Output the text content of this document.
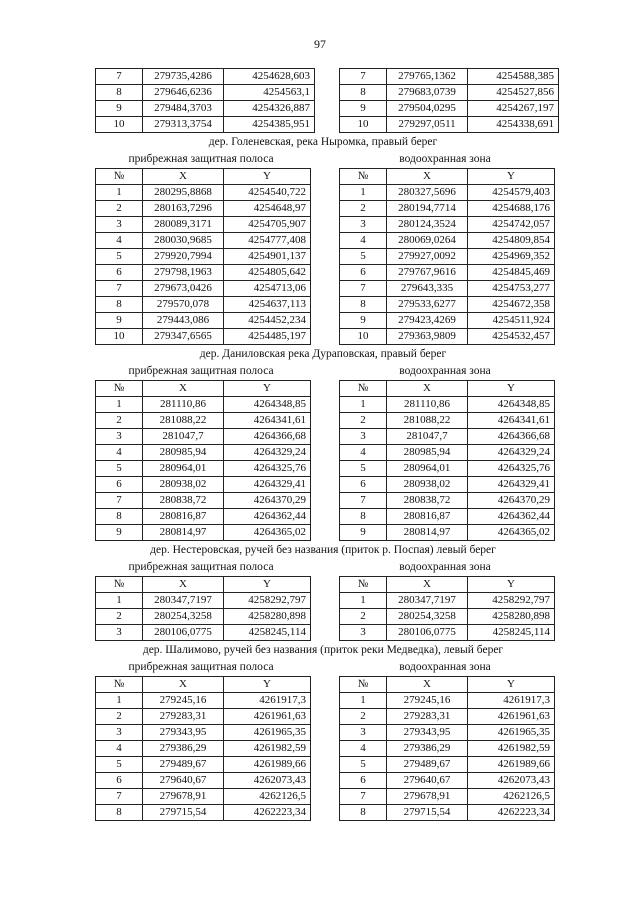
97
7	279735,4286	4254628,603
8	279646,6236	4254563,1
9	279484,3703	4254326,887
10	279313,3754	4254385,951
7	279765,1362	4254588,385
8	279683,0739	4254527,856
9	279504,0295	4254267,197
10	279297,0511	4254338,691
дер. Голеневская, река Ныромка, правый берег
прибрежная защитная полоса
№	X	Y
1	280295,8868	4254540,722
2	280163,7296	4254648,97
3	280089,3171	4254705,907
4	280030,9685	4254777,408
5	279920,7994	4254901,137
6	279798,1963	4254805,642
7	279673,0426	4254713,06
8	279570,078	4254637,113
9	279443,086	4254452,234
10	279347,6565	4254485,197
водоохранная зона
№	X	Y
1	280327,5696	4254579,403
2	280194,7714	4254688,176
3	280124,3524	4254742,057
4	280069,0264	4254809,854
5	279927,0092	4254969,352
6	279767,9616	4254845,469
7	279643,335	4254753,277
8	279533,6277	4254672,358
9	279423,4269	4254511,924
10	279363,9809	4254532,457
дер. Даниловская река Дураповская, правый берег
прибрежная защитная полоса
№	X	Y
1	281110,86	4264348,85
2	281088,22	4264341,61
3	281047,7	4264366,68
4	280985,94	4264329,24
5	280964,01	4264325,76
6	280938,02	4264329,41
7	280838,72	4264370,29
8	280816,87	4264362,44
9	280814,97	4264365,02
водоохранная зона
№	X	Y
1	281110,86	4264348,85
2	281088,22	4264341,61
3	281047,7	4264366,68
4	280985,94	4264329,24
5	280964,01	4264325,76
6	280938,02	4264329,41
7	280838,72	4264370,29
8	280816,87	4264362,44
9	280814,97	4264365,02
дер. Нестеровская, ручей без названия (приток р. Поспая) левый берег
прибрежная защитная полоса
№	X	Y
1	280347,7197	4258292,797
2	280254,3258	4258280,898
3	280106,0775	4258245,114
водоохранная зона
№	X	Y
1	280347,7197	4258292,797
2	280254,3258	4258280,898
3	280106,0775	4258245,114
дер. Шалимово, ручей без названия (приток реки Медведка), левый берег
прибрежная защитная полоса
№	X	Y
1	279245,16	4261917,3
2	279283,31	4261961,63
3	279343,95	4261965,35
4	279386,29	4261982,59
5	279489,67	4261989,66
6	279640,67	4262073,43
7	279678,91	4262126,5
8	279715,54	4262223,34
водоохранная зона
№	X	Y
1	279245,16	4261917,3
2	279283,31	4261961,63
3	279343,95	4261965,35
4	279386,29	4261982,59
5	279489,67	4261989,66
6	279640,67	4262073,43
7	279678,91	4262126,5
8	279715,54	4262223,34
